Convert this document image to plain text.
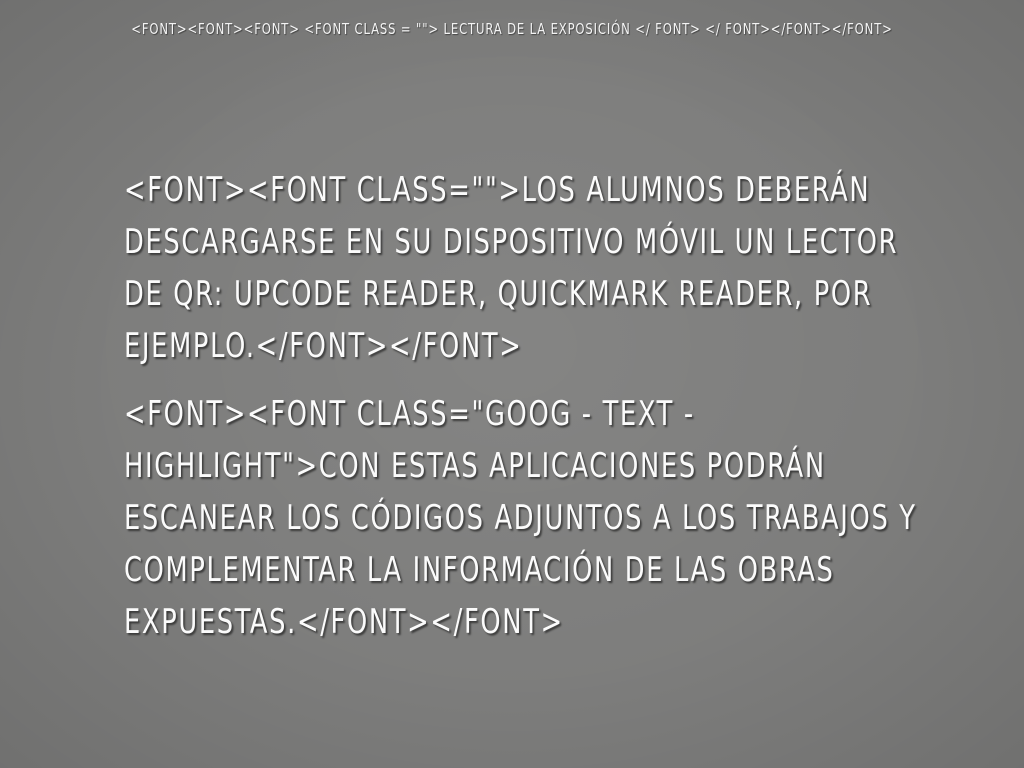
<FONT><FONT><FONT> <FONT CLASS = ""> LECTURA DE LA EXPOSICIÓN </ FONT> </ FONT></FONT></FONT>

<FONT><FONT CLASS="">LOS ALUMNOS DEBERÁN DESCARGARSE EN SU DISPOSITIVO MÓVIL UN LECTOR DE QR: UPCODE READER, QUICKMARK READER, POR EJEMPLO.</FONT></FONT>

<FONT><FONT CLASS="GOOG - TEXT - HIGHLIGHT">CON ESTAS APLICACIONES PODRÁN ESCANEAR LOS CÓDIGOS ADJUNTOS A LOS TRABAJOS Y COMPLEMENTAR LA INFORMACIÓN DE LAS OBRAS EXPUESTAS.</FONT></FONT>
